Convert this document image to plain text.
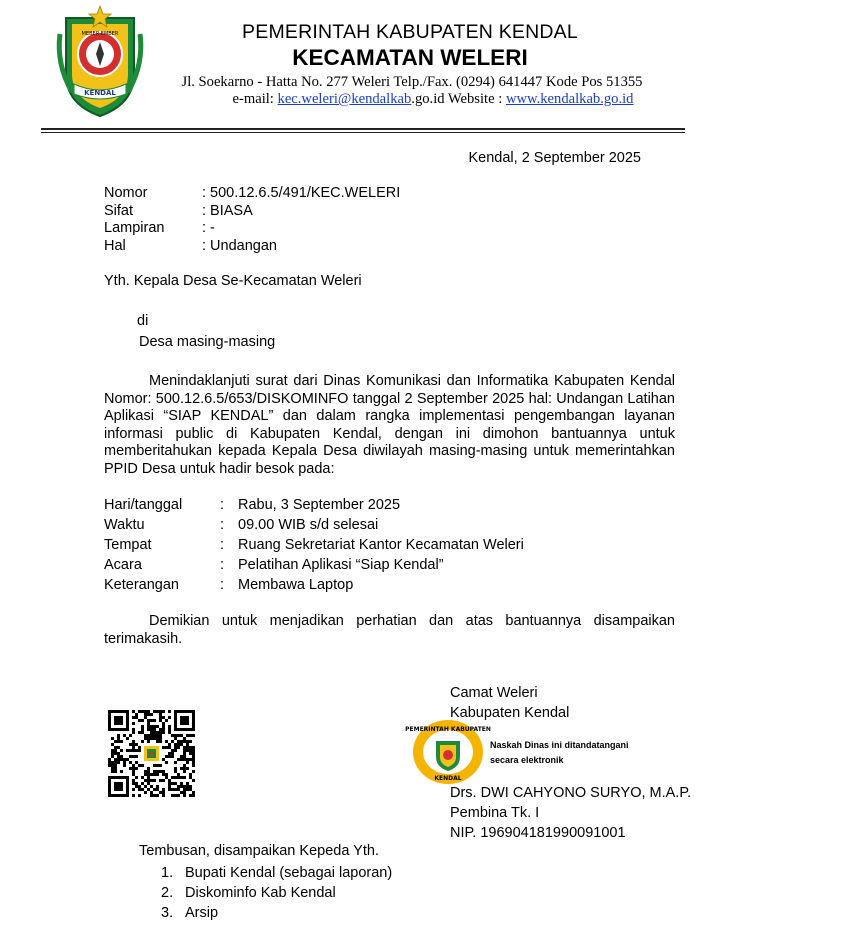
MEBER EMBER
KENDAL
PEMERINTAH KABUPATEN KENDAL
KECAMATAN WELERI
Jl. Soekarno - Hatta No. 277 Weleri Telp./Fax. (0294) 641447 Kode Pos 51355
e-mail: kec.weleri@kendalkab.go.id Website : www.kendalkab.go.id
Kendal, 2 September 2025
Nomor	: 500.12.6.5/491/KEC.WELERI
Sifat	: BIASA
Lampiran	: -
Hal	: Undangan
Yth. Kepala Desa Se-Kecamatan Weleri
di
Desa masing-masing
Menindaklanjuti surat dari Dinas Komunikasi dan Informatika Kabupaten Kendal Nomor: 500.12.6.5/653/DISKOMINFO tanggal 2 September 2025 hal: Undangan Latihan Aplikasi “SIAP KENDAL” dan dalam rangka implementasi pengembangan layanan informasi public di Kabupaten Kendal, dengan ini dimohon bantuannya untuk memberitahukan kepada Kepala Desa diwilayah masing-masing untuk memerintahkan PPID Desa untuk hadir besok pada:
Hari/tanggal	: Rabu, 3 September 2025
Waktu	: 09.00 WIB s/d selesai
Tempat	: Ruang Sekretariat Kantor Kecamatan Weleri
Acara	: Pelatihan Aplikasi “Siap Kendal”
Keterangan	: Membawa Laptop
Demikian untuk menjadikan perhatian dan atas bantuannya disampaikan terimakasih.
Camat Weleri
Kabupaten Kendal
PEMERINTAH KABUPATEN
KENDAL
Naskah Dinas ini ditandatangani
secara elektronik
Drs. DWI CAHYONO SURYO, M.A.P.
Pembina Tk. I
NIP. 196904181990091001
Tembusan, disampaikan Kepeda Yth.
1. Bupati Kendal (sebagai laporan)
2. Diskominfo Kab Kendal
3. Arsip
